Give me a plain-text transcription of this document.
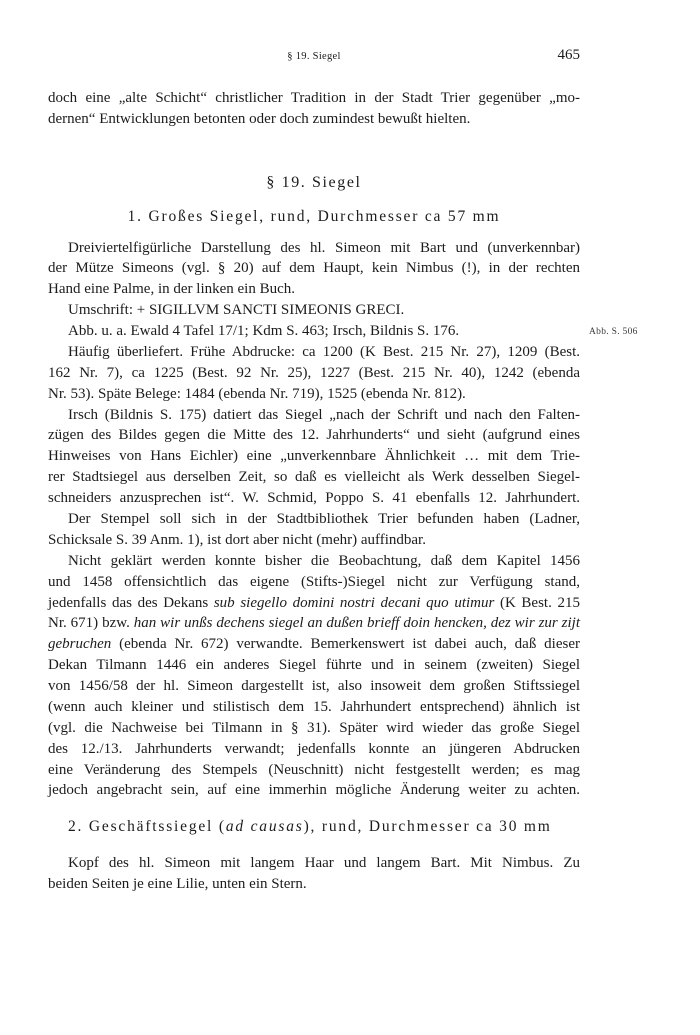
§ 19. Siegel	465
doch eine „alte Schicht“ christlicher Tradition in der Stadt Trier gegenüber „mo-
dernen“ Entwicklungen betonten oder doch zumindest bewußt hielten.
§ 19. Siegel
1. Großes Siegel, rund, Durchmesser ca 57 mm
Dreiviertelfigürliche Darstellung des hl. Simeon mit Bart und (unverkennbar)
der Mütze Simeons (vgl. § 20) auf dem Haupt, kein Nimbus (!), in der rechten
Hand eine Palme, in der linken ein Buch.
Umschrift: + SIGILLVM SANCTI SIMEONIS GRECI.
Abb. u. a. Ewald 4 Tafel 17/1; Kdm S. 463; Irsch, Bildnis S. 176.	Abb. S. 506
Häufig überliefert. Frühe Abdrucke: ca 1200 (K Best. 215 Nr. 27), 1209 (Best.
162 Nr. 7), ca 1225 (Best. 92 Nr. 25), 1227 (Best. 215 Nr. 40), 1242 (ebenda
Nr. 53). Späte Belege: 1484 (ebenda Nr. 719), 1525 (ebenda Nr. 812).
Irsch (Bildnis S. 175) datiert das Siegel „nach der Schrift und nach den Falten-
zügen des Bildes gegen die Mitte des 12. Jahrhunderts“ und sieht (aufgrund eines
Hinweises von Hans Eichler) eine „unverkennbare Ähnlichkeit … mit dem Trie-
rer Stadtsiegel aus derselben Zeit, so daß es vielleicht als Werk desselben Siegel-
schneiders anzusprechen ist“. W. Schmid, Poppo S. 41 ebenfalls 12. Jahrhundert.
Der Stempel soll sich in der Stadtbibliothek Trier befunden haben (Ladner,
Schicksale S. 39 Anm. 1), ist dort aber nicht (mehr) auffindbar.
Nicht geklärt werden konnte bisher die Beobachtung, daß dem Kapitel 1456
und 1458 offensichtlich das eigene (Stifts-)Siegel nicht zur Verfügung stand,
jedenfalls das des Dekans sub siegello domini nostri decani quo utimur (K Best. 215
Nr. 671) bzw. han wir unßs dechens siegel an dußen brieff doin hencken, dez wir zur zijt
gebruchen (ebenda Nr. 672) verwandte. Bemerkenswert ist dabei auch, daß dieser
Dekan Tilmann 1446 ein anderes Siegel führte und in seinem (zweiten) Siegel
von 1456/58 der hl. Simeon dargestellt ist, also insoweit dem großen Stiftssiegel
(wenn auch kleiner und stilistisch dem 15. Jahrhundert entsprechend) ähnlich ist
(vgl. die Nachweise bei Tilmann in § 31). Später wird wieder das große Siegel
des 12./13. Jahrhunderts verwandt; jedenfalls konnte an jüngeren Abdrucken
eine Veränderung des Stempels (Neuschnitt) nicht festgestellt werden; es mag
jedoch angebracht sein, auf eine immerhin mögliche Änderung weiter zu achten.
2. Geschäftssiegel (ad causas), rund, Durchmesser ca 30 mm
Kopf des hl. Simeon mit langem Haar und langem Bart. Mit Nimbus. Zu
beiden Seiten je eine Lilie, unten ein Stern.
